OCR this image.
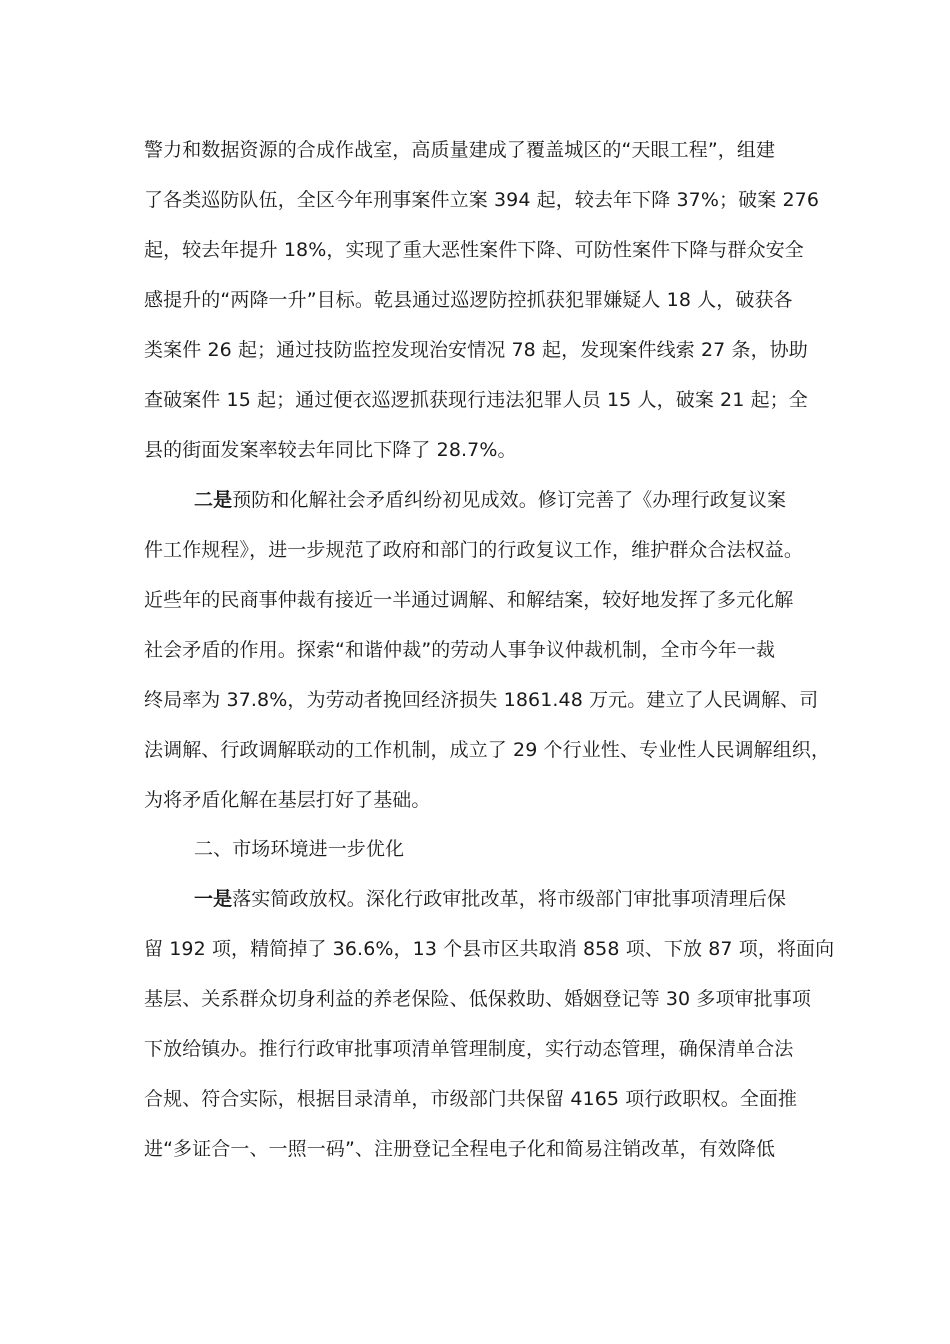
警力和数据资源的合成作战室，高质量建成了覆盖城区的“天眼工程”，组建
了各类巡防队伍，全区今年刑事案件立案 394 起，较去年下降 37%；破案 276
起，较去年提升 18%，实现了重大恶性案件下降、可防性案件下降与群众安全
感提升的“两降一升”目标。乾县通过巡逻防控抓获犯罪嫌疑人 18 人，破获各
类案件 26 起；通过技防监控发现治安情况 78 起，发现案件线索 27 条，协助
查破案件 15 起；通过便衣巡逻抓获现行违法犯罪人员 15 人，破案 21 起；全
县的街面发案率较去年同比下降了 28.7%。
二是预防和化解社会矛盾纠纷初见成效。修订完善了《办理行政复议案
件工作规程》，进一步规范了政府和部门的行政复议工作，维护群众合法权益。
近些年的民商事仲裁有接近一半通过调解、和解结案，较好地发挥了多元化解
社会矛盾的作用。探索“和谐仲裁”的劳动人事争议仲裁机制，全市今年一裁
终局率为 37.8%，为劳动者挽回经济损失 1861.48 万元。建立了人民调解、司
法调解、行政调解联动的工作机制，成立了 29 个行业性、专业性人民调解组织，
为将矛盾化解在基层打好了基础。
二、市场环境进一步优化
一是落实简政放权。深化行政审批改革，将市级部门审批事项清理后保
留 192 项，精简掉了 36.6%，13 个县市区共取消 858 项、下放 87 项，将面向
基层、关系群众切身利益的养老保险、低保救助、婚姻登记等 30 多项审批事项
下放给镇办。推行行政审批事项清单管理制度，实行动态管理，确保清单合法
合规、符合实际，根据目录清单，市级部门共保留 4165 项行政职权。全面推
进“多证合一、一照一码”、注册登记全程电子化和简易注销改革，有效降低
